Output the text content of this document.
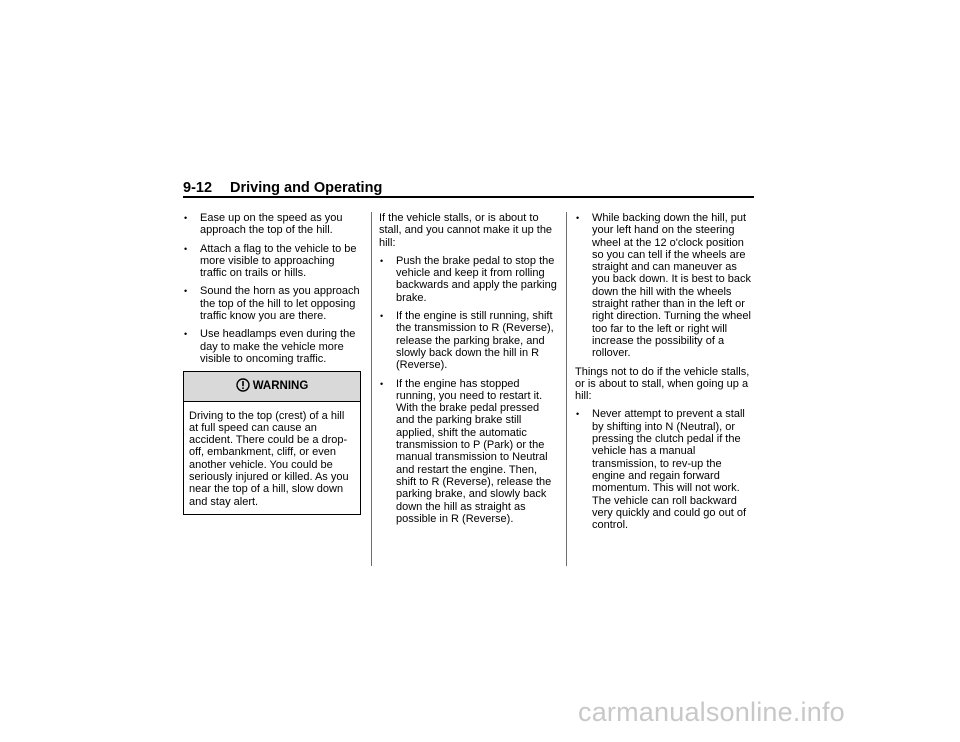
9-12 Driving and Operating
• Ease up on the speed as you approach the top of the hill.
• Attach a flag to the vehicle to be more visible to approaching traffic on trails or hills.
• Sound the horn as you approach the top of the hill to let opposing traffic know you are there.
• Use headlamps even during the day to make the vehicle more visible to oncoming traffic.
WARNING
Driving to the top (crest) of a hill at full speed can cause an accident. There could be a drop-off, embankment, cliff, or even another vehicle. You could be seriously injured or killed. As you near the top of a hill, slow down and stay alert.

If the vehicle stalls, or is about to stall, and you cannot make it up the hill:

• Push the brake pedal to stop the vehicle and keep it from rolling backwards and apply the parking brake.
• If the engine is still running, shift the transmission to R (Reverse), release the parking brake, and slowly back down the hill in R (Reverse).
• If the engine has stopped running, you need to restart it. With the brake pedal pressed and the parking brake still applied, shift the automatic transmission to P (Park) or the manual transmission to Neutral and restart the engine. Then, shift to R (Reverse), release the parking brake, and slowly back down the hill as straight as possible in R (Reverse).
• While backing down the hill, put your left hand on the steering wheel at the 12 o'clock position so you can tell if the wheels are straight and can maneuver as you back down. It is best to back down the hill with the wheels straight rather than in the left or right direction. Turning the wheel too far to the left or right will increase the possibility of a rollover.

Things not to do if the vehicle stalls, or is about to stall, when going up a hill:

• Never attempt to prevent a stall by shifting into N (Neutral), or pressing the clutch pedal if the vehicle has a manual transmission, to rev-up the engine and regain forward momentum. This will not work. The vehicle can roll backward very quickly and could go out of control.
carmanualsonline.info
